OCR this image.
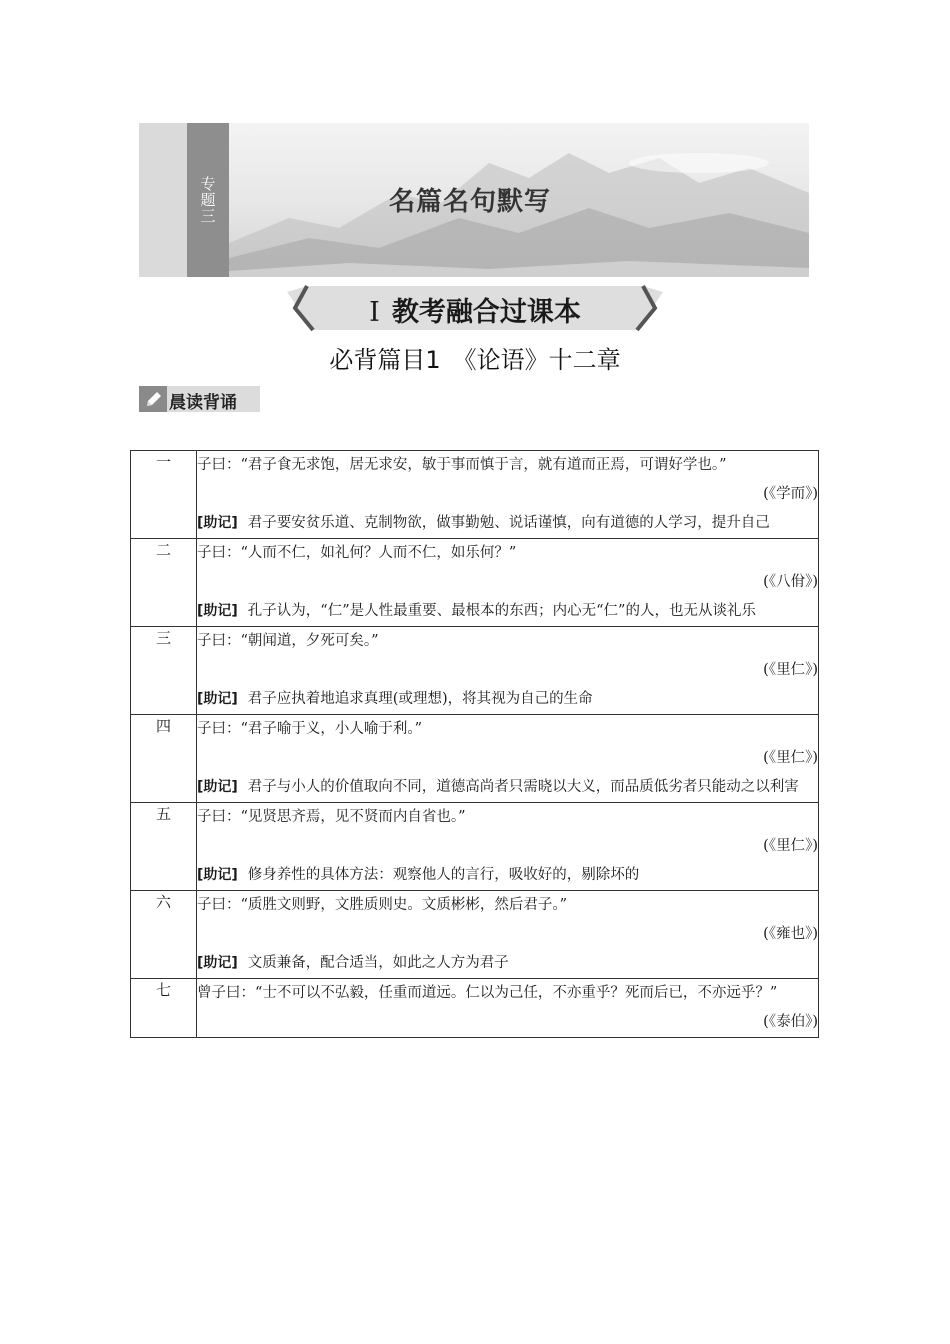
专题三	名篇名句默写
Ⅰ 教考融合过课本
必背篇目1　《论语》十二章
晨读背诵
一	子曰：“君子食无求饱，居无求安，敏于事而慎于言，就有道而正焉，可谓好学也。”
(《学而》)
[助记] 君子要安贫乐道、克制物欲，做事勤勉、说话谨慎，向有道德的人学习，提升自己

二	子曰：“人而不仁，如礼何？人而不仁，如乐何？”
(《八佾》)
[助记] 孔子认为，“仁”是人性最重要、最根本的东西；内心无“仁”的人，也无从谈礼乐

三	子曰：“朝闻道，夕死可矣。”
(《里仁》)
[助记] 君子应执着地追求真理(或理想)，将其视为自己的生命

四	子曰：“君子喻于义，小人喻于利。”
(《里仁》)
[助记] 君子与小人的价值取向不同，道德高尚者只需晓以大义，而品质低劣者只能动之以利害

五	子曰：“见贤思齐焉，见不贤而内自省也。”
(《里仁》)
[助记] 修身养性的具体方法：观察他人的言行，吸收好的，剔除坏的

六	子曰：“质胜文则野，文胜质则史。文质彬彬，然后君子。”
(《雍也》)
[助记] 文质兼备，配合适当，如此之人方为君子

七	曾子曰：“士不可以不弘毅，任重而道远。仁以为己任，不亦重乎？死而后已，不亦远乎？”
(《泰伯》)
